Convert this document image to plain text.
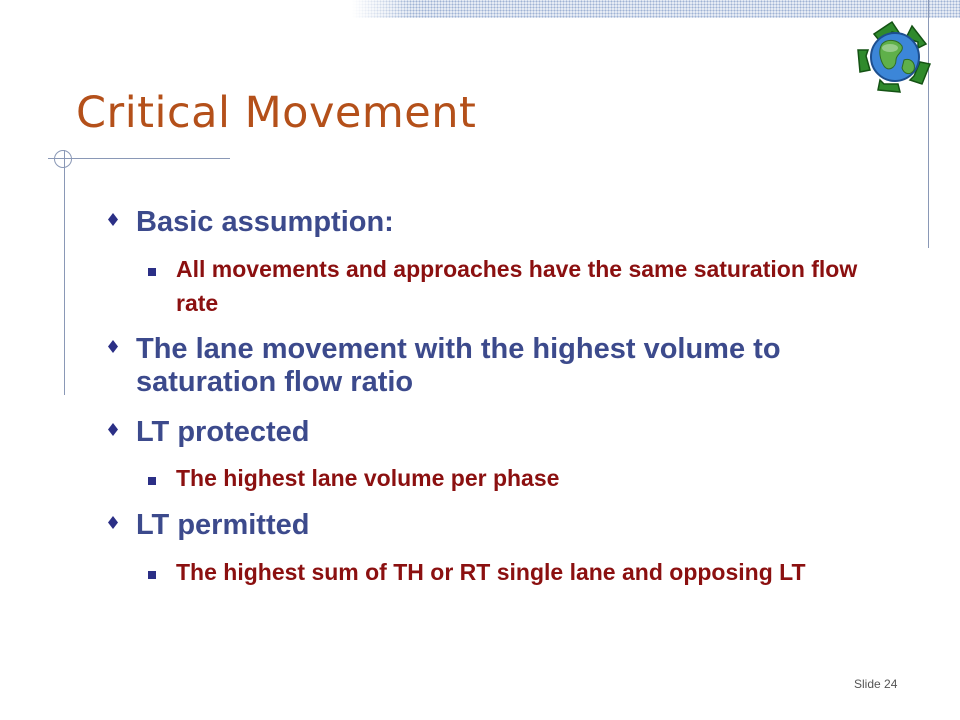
Critical Movement
Basic assumption:
All movements and approaches have the same saturation flow rate
The lane movement with the highest volume to saturation flow ratio
LT protected
The highest lane volume per phase
LT permitted
The highest sum of TH or RT single lane and opposing LT
Slide 24
